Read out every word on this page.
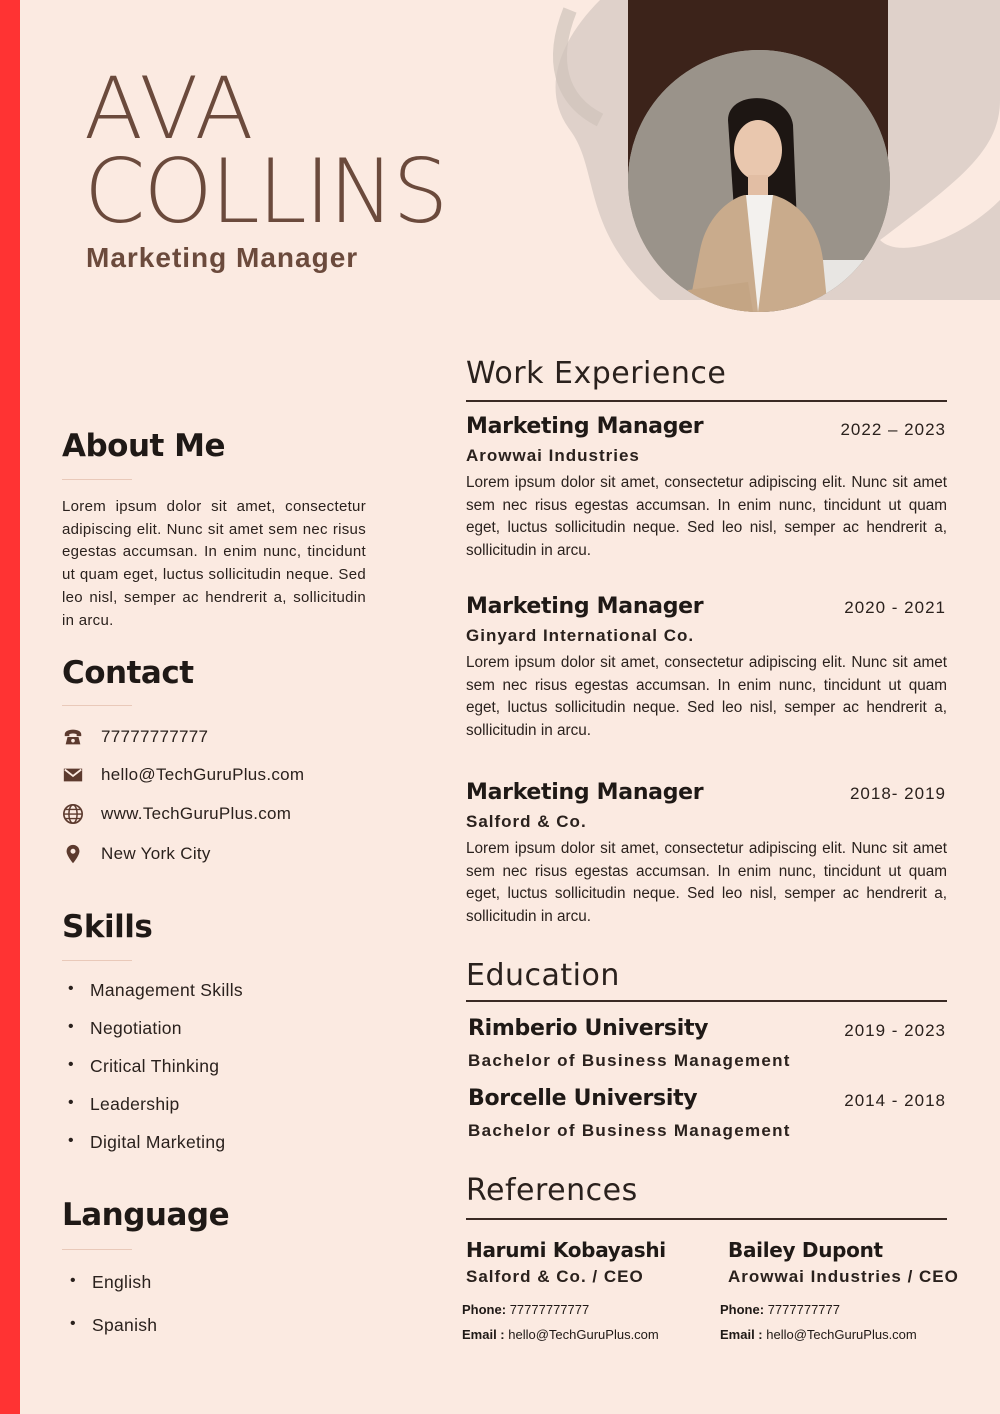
AVA
COLLINS
Marketing Manager
About Me
Lorem ipsum dolor sit amet, consectetur adipiscing elit. Nunc sit amet sem nec risus egestas accumsan. In enim nunc, tincidunt ut quam eget, luctus sollicitudin neque. Sed leo nisl, semper ac hendrerit a, sollicitudin in arcu.
Contact
77777777777
hello@TechGuruPlus.com
www.TechGuruPlus.com
New York City
Skills
• Management Skills
• Negotiation
• Critical Thinking
• Leadership
• Digital Marketing
Language
• English
• Spanish
Work Experience
Marketing Manager	2022 – 2023
Arowwai Industries
Lorem ipsum dolor sit amet, consectetur adipiscing elit. Nunc sit amet sem nec risus egestas accumsan. In enim nunc, tincidunt ut quam eget, luctus sollicitudin neque. Sed leo nisl, semper ac hendrerit a, sollicitudin in arcu.
Marketing Manager	2020 - 2021
Ginyard International Co.
Lorem ipsum dolor sit amet, consectetur adipiscing elit. Nunc sit amet sem nec risus egestas accumsan. In enim nunc, tincidunt ut quam eget, luctus sollicitudin neque. Sed leo nisl, semper ac hendrerit a, sollicitudin in arcu.
Marketing Manager	2018- 2019
Salford & Co.
Lorem ipsum dolor sit amet, consectetur adipiscing elit. Nunc sit amet sem nec risus egestas accumsan. In enim nunc, tincidunt ut quam eget, luctus sollicitudin neque. Sed leo nisl, semper ac hendrerit a, sollicitudin in arcu.
Education
Rimberio University	2019 - 2023
Bachelor of Business Management
Borcelle University	2014 - 2018
Bachelor of Business Management
References
Harumi Kobayashi
Salford & Co. / CEO
Phone: 77777777777
Email : hello@TechGuruPlus.com
Bailey Dupont
Arowwai Industries / CEO
Phone: 7777777777
Email : hello@TechGuruPlus.com
